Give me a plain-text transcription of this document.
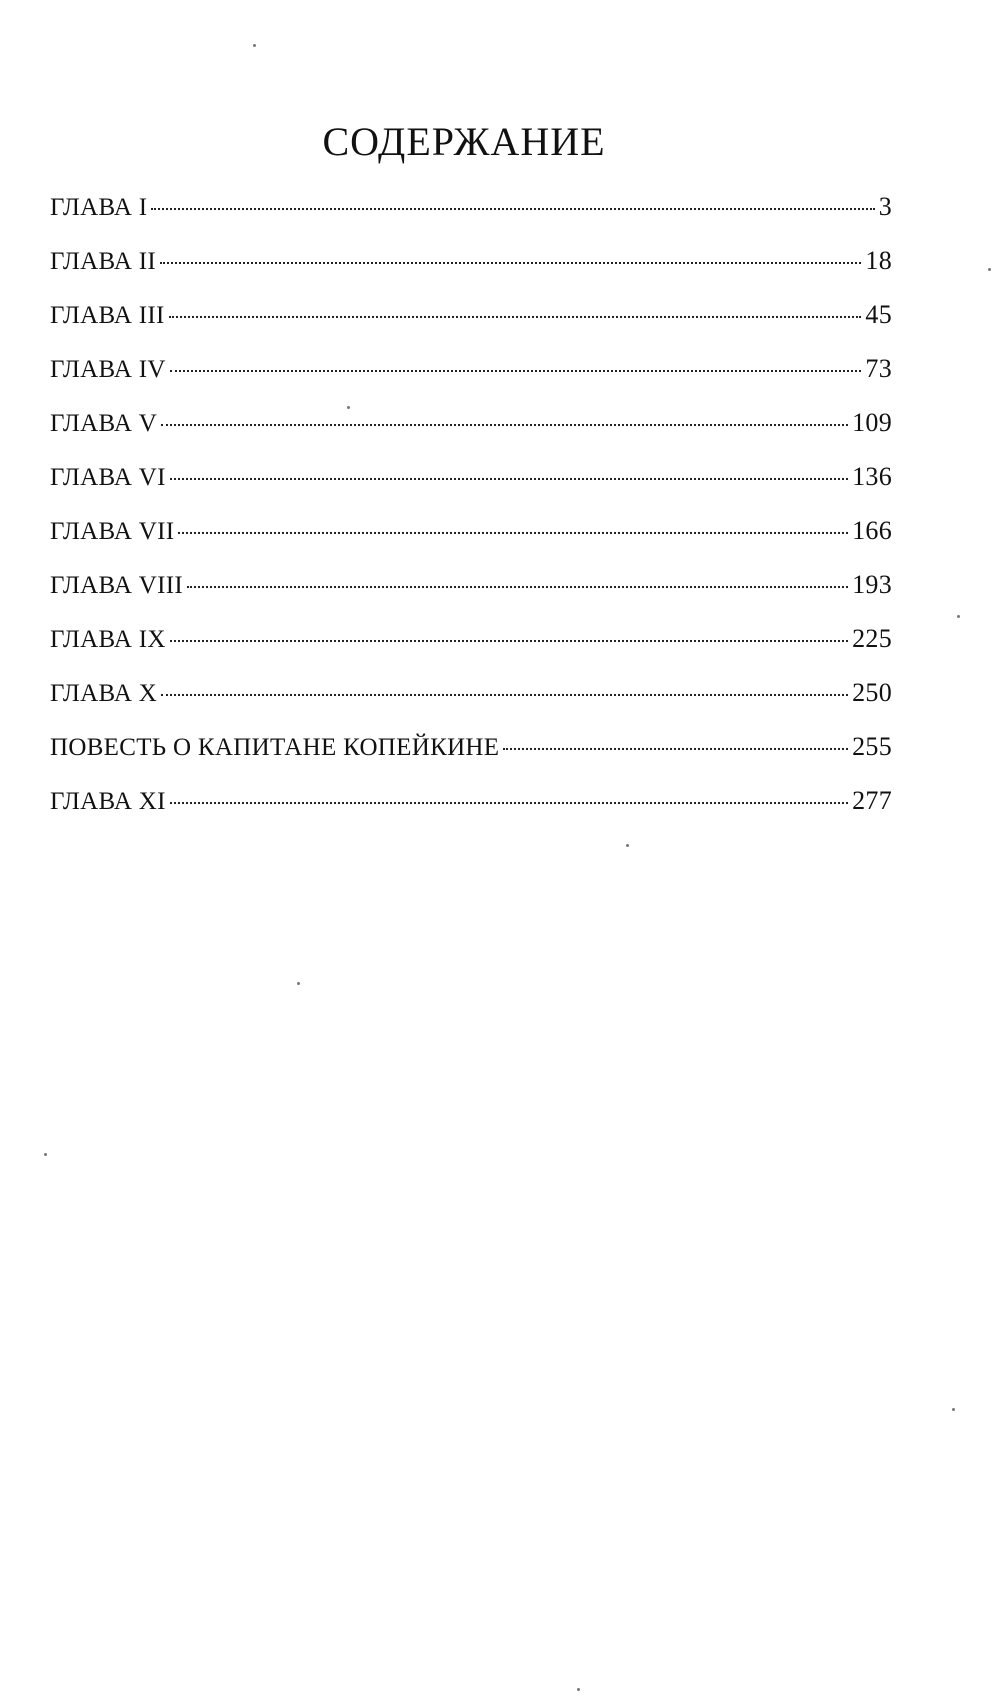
СОДЕРЖАНИЕ
ГЛАВА I	3
ГЛАВА II	18
ГЛАВА III	45
ГЛАВА IV	73
ГЛАВА V	109
ГЛАВА VI	136
ГЛАВА VII	166
ГЛАВА VIII	193
ГЛАВА IX	225
ГЛАВА X	250
ПОВЕСТЬ О КАПИТАНЕ КОПЕЙКИНЕ	255
ГЛАВА XI	277
